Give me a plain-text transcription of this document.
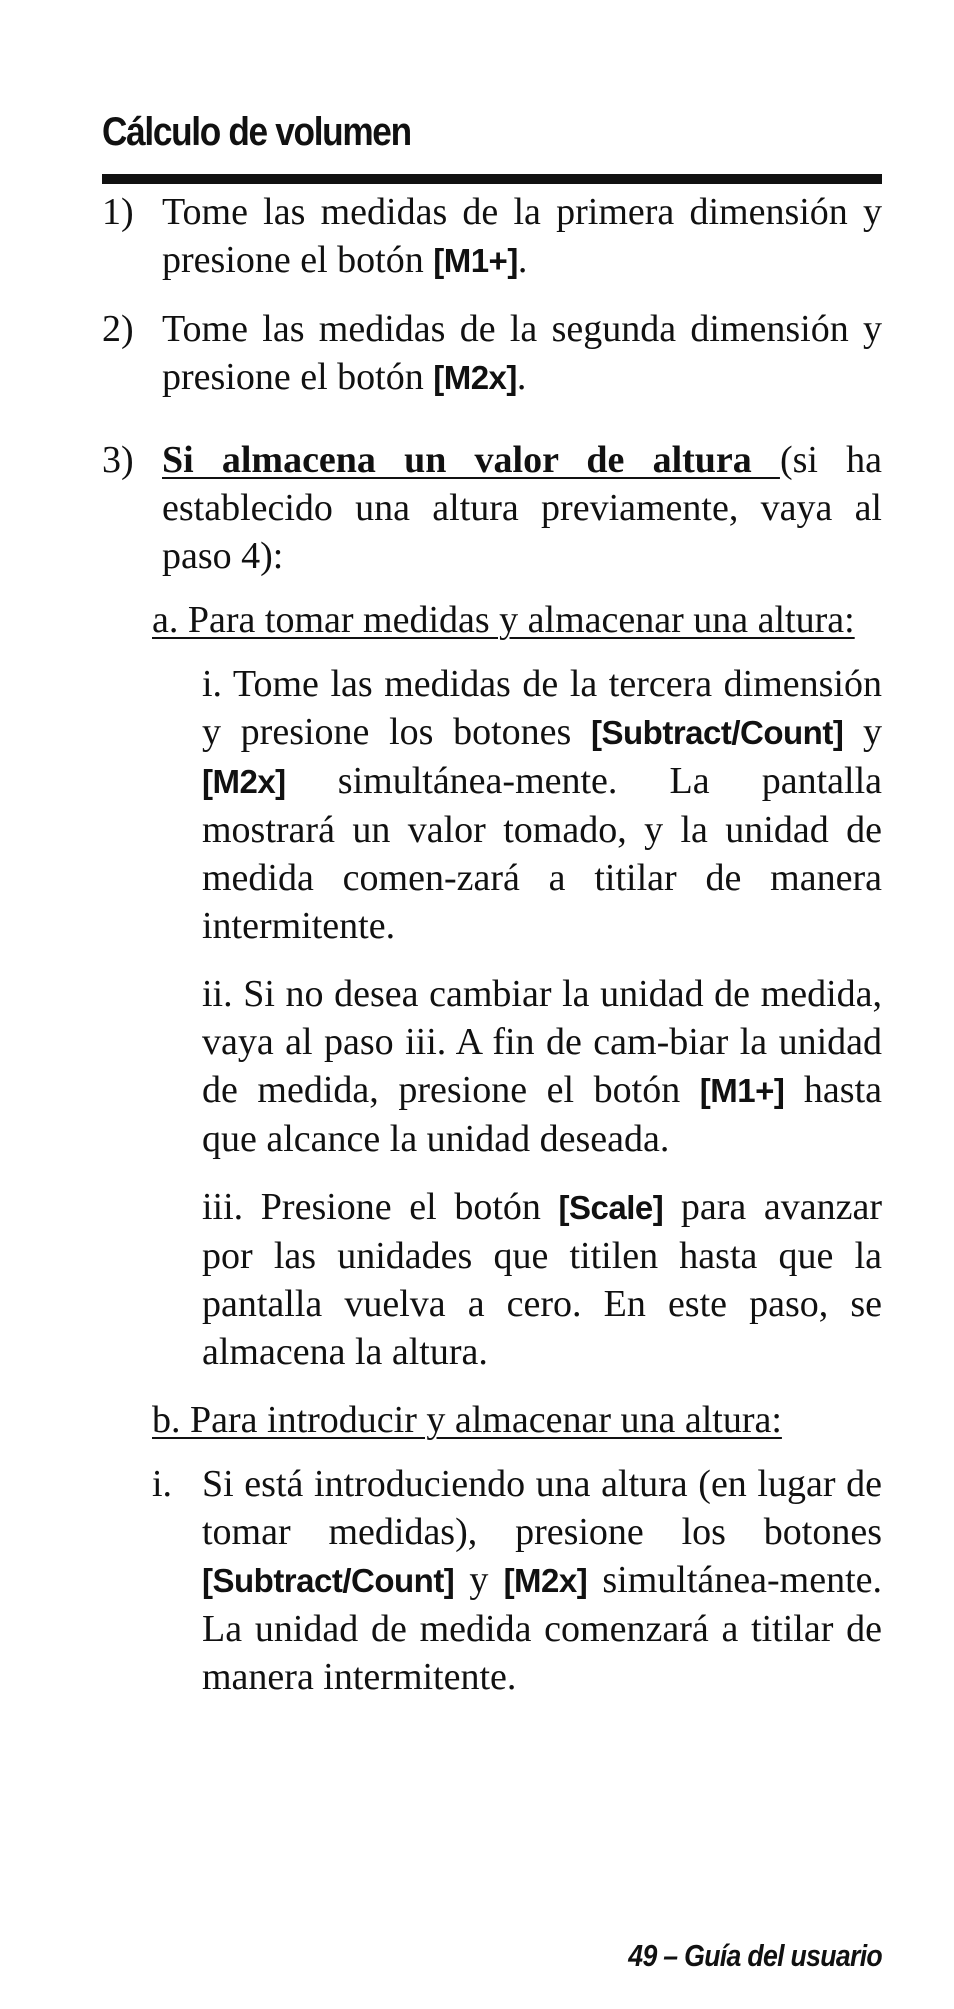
Cálculo de volumen
1) Tome las medidas de la primera dimensión y presione el botón [M1+].
2) Tome las medidas de la segunda dimensión y presione el botón [M2x].
3) Si almacena un valor de altura (si ha establecido una altura previamente, vaya al paso 4):
a. Para tomar medidas y almacenar una altura:
i. Tome las medidas de la tercera dimensión y presione los botones [Subtract/Count] y [M2x] simultánea-mente. La pantalla mostrará un valor tomado, y la unidad de medida comen-zará a titilar de manera intermitente.
ii. Si no desea cambiar la unidad de medida, vaya al paso iii. A fin de cam-biar la unidad de medida, presione el botón [M1+] hasta que alcance la unidad deseada.
iii. Presione el botón [Scale] para avanzar por las unidades que titilen hasta que la pantalla vuelva a cero. En este paso, se almacena la altura.
b. Para introducir y almacenar una altura:
i. Si está introduciendo una altura (en lugar de tomar medidas), presione los botones [Subtract/Count] y [M2x] simultánea-mente. La unidad de medida comenzará a titilar de manera intermitente.
49 – Guía del usuario
